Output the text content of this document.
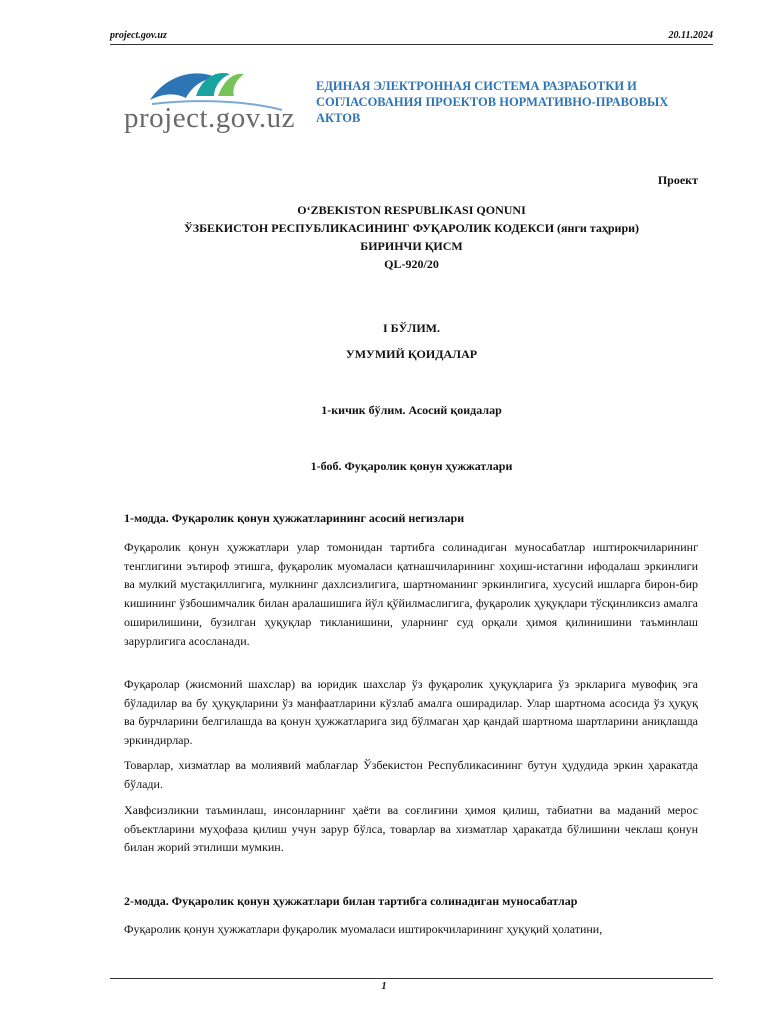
project.gov.uz	20.11.2024
project.gov.uz
ЕДИНАЯ ЭЛЕКТРОННАЯ СИСТЕМА РАЗРАБОТКИ И СОГЛАСОВАНИЯ ПРОЕКТОВ НОРМАТИВНО-ПРАВОВЫХ АКТОВ
Проект
O‘ZBEKISTON RESPUBLIKASI QONUNI
ЎЗБЕКИСТОН РЕСПУБЛИКАСИНИНГ ФУҚАРОЛИК КОДЕКСИ (янги таҳрири)
БИРИНЧИ ҚИСМ
QL-920/20
I БЎЛИМ.
УМУМИЙ ҚОИДАЛАР
1-кичик бўлим. Асосий қоидалар
1-боб. Фуқаролик қонун ҳужжатлари
1-модда. Фуқаролик қонун ҳужжатларининг асосий негизлари
Фуқаролик қонун ҳужжатлари улар томонидан тартибга солинадиган муносабатлар иштирокчиларининг тенглигини эътироф этишга, фуқаролик муомаласи қатнашчиларининг хоҳиш-истагини ифодалаш эркинлиги ва мулкий мустақиллигига, мулкнинг дахлсизлигига, шартноманинг эркинлигига, хусусий ишларга бирон-бир кишининг ўзбошимчалик билан аралашишига йўл қўйилмаслигига, фуқаролик ҳуқуқлари тўсқинликсиз амалга оширилишини, бузилган ҳуқуқлар тикланишини, уларнинг суд орқали ҳимоя қилинишини таъминлаш зарурлигига асосланади.
Фуқаролар (жисмоний шахслар) ва юридик шахслар ўз фуқаролик ҳуқуқларига ўз эркларига мувофиқ эга бўладилар ва бу ҳуқуқларини ўз манфаатларини кўзлаб амалга оширадилар. Улар шартнома асосида ўз ҳуқуқ ва бурчларини белгилашда ва қонун ҳужжатларига зид бўлмаган ҳар қандай шартнома шартларини аниқлашда эркиндирлар.
Товарлар, хизматлар ва молиявий маблағлар Ўзбекистон Республикасининг бутун ҳудудида эркин ҳаракатда бўлади.
Хавфсизликни таъминлаш, инсонларнинг ҳаёти ва соғлиғини ҳимоя қилиш, табиатни ва маданий мерос объектларини муҳофаза қилиш учун зарур бўлса, товарлар ва хизматлар ҳаракатда бўлишини чеклаш қонун билан жорий этилиши мумкин.
2-модда. Фуқаролик қонун ҳужжатлари билан тартибга солинадиган муносабатлар
Фуқаролик қонун ҳужжатлари фуқаролик муомаласи иштирокчиларининг ҳуқуқий ҳолатини,
1
